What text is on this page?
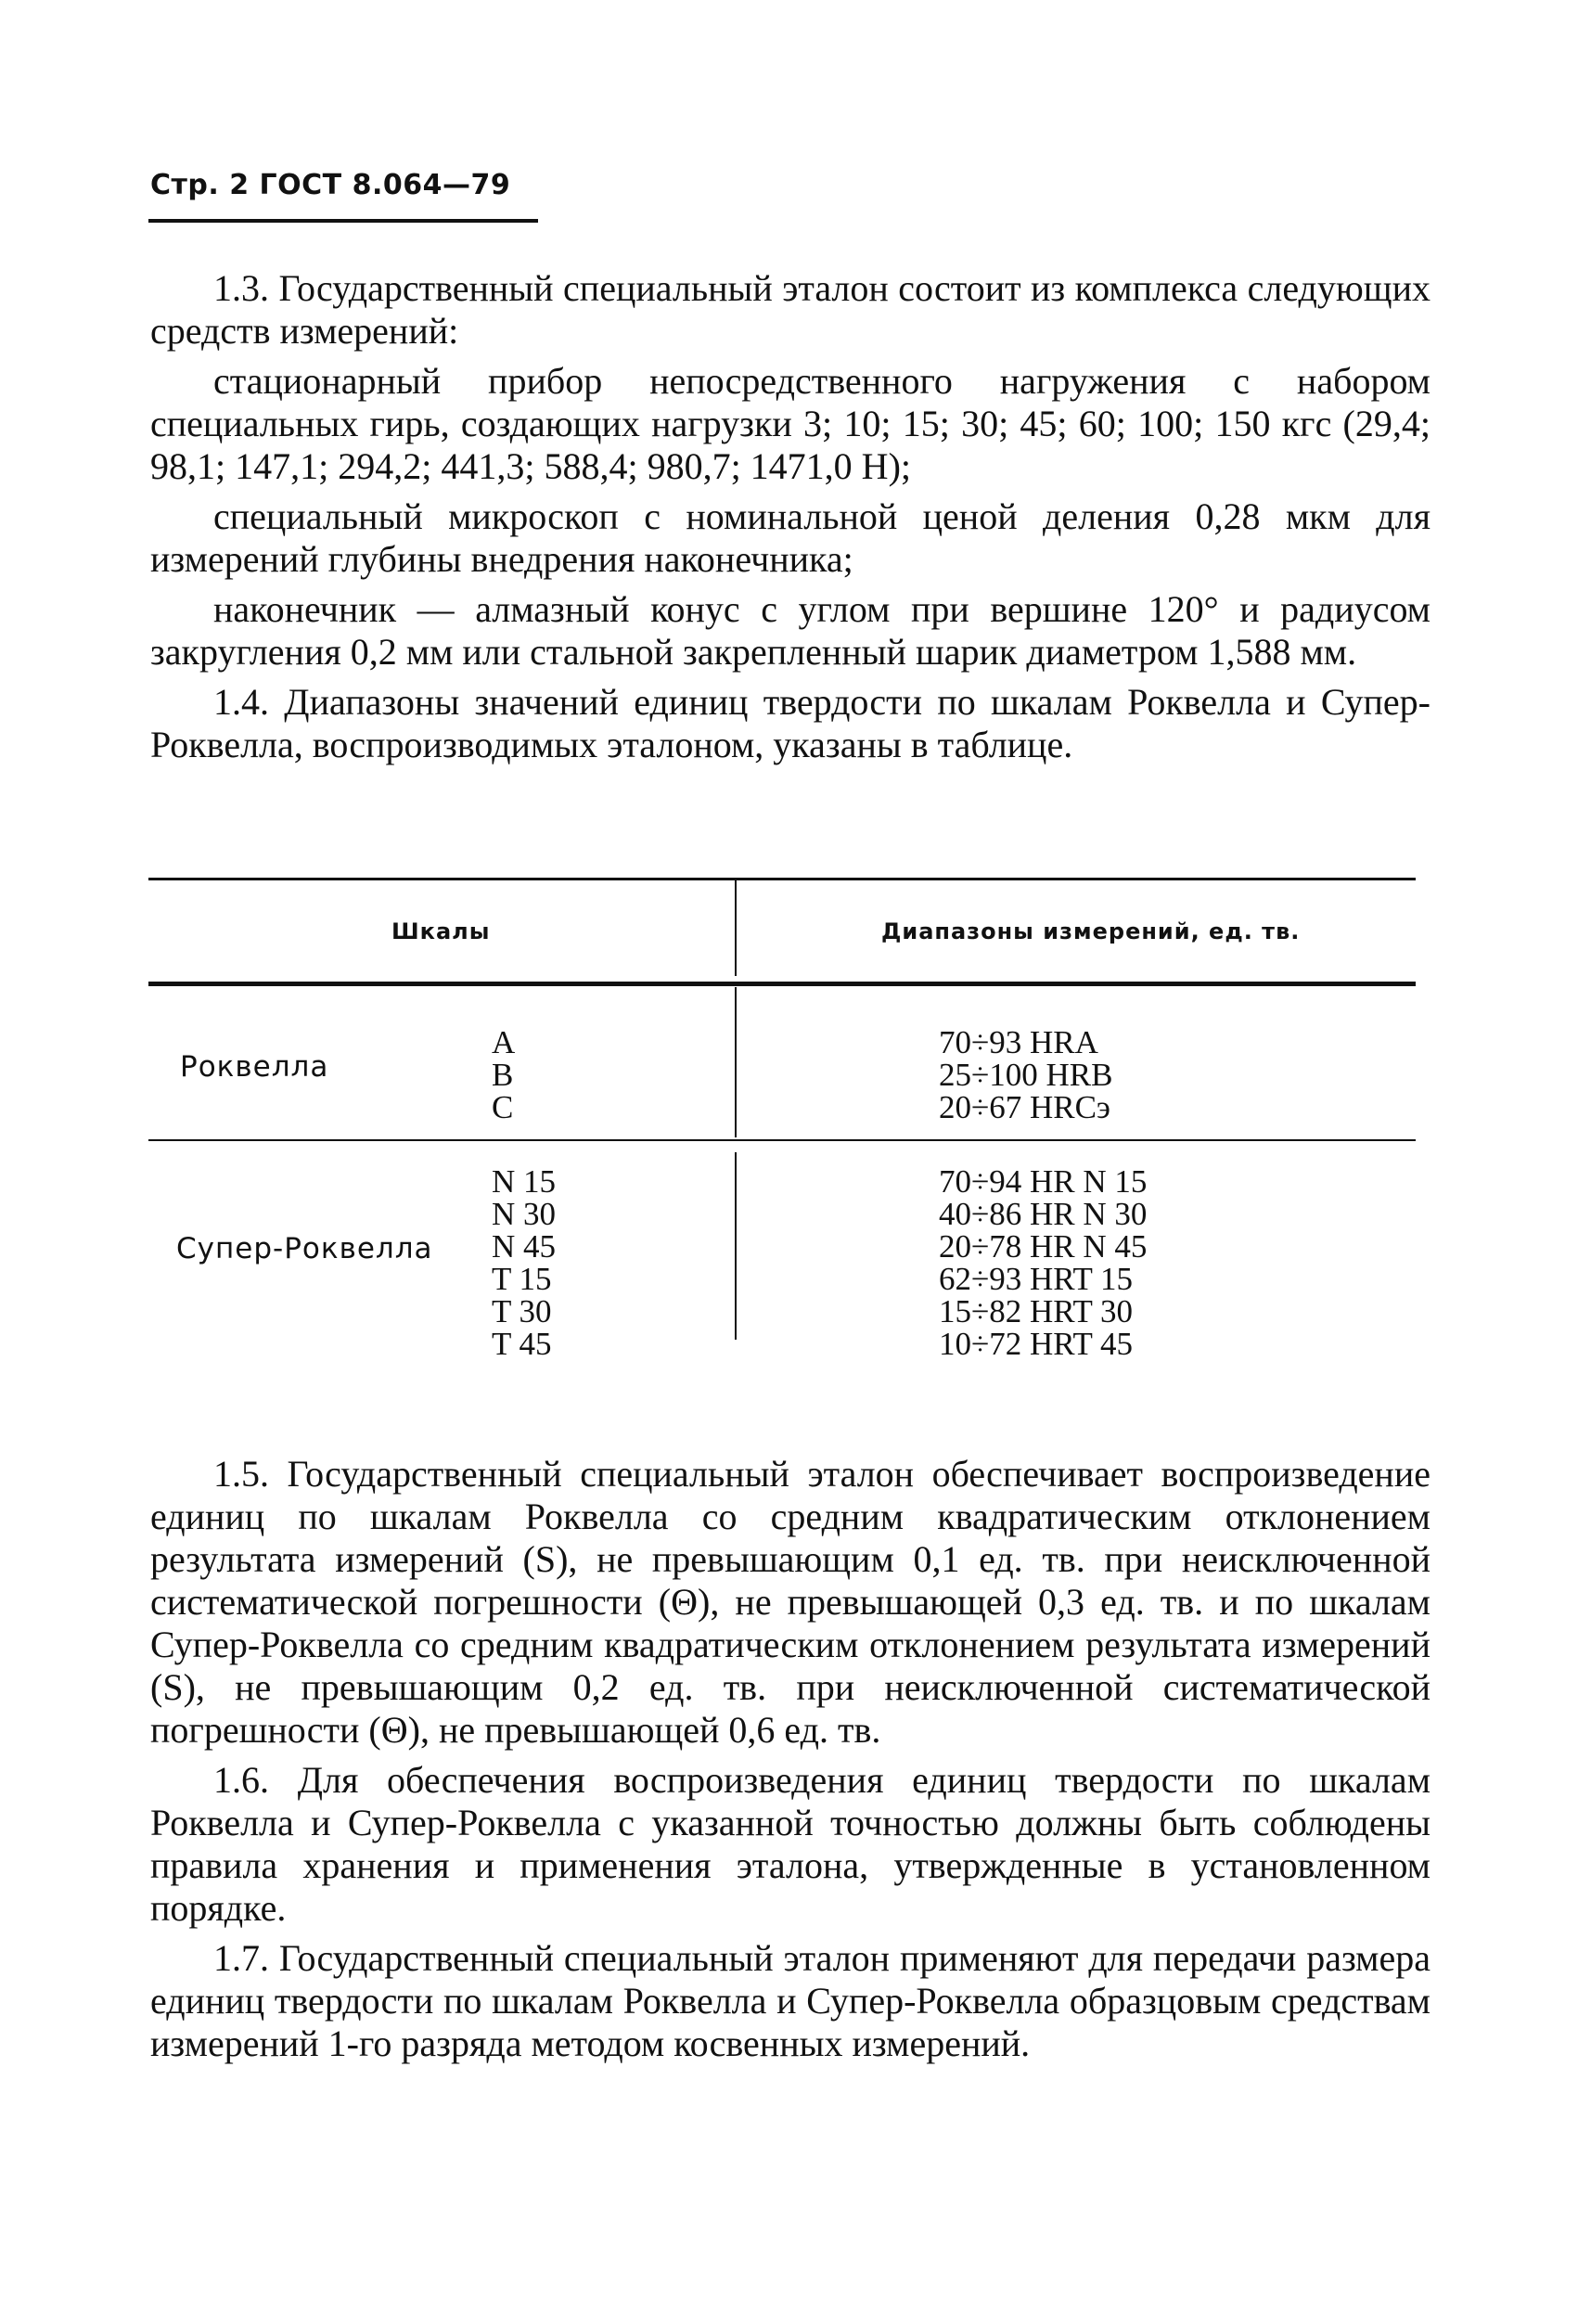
Стр. 2 ГОСТ 8.064—79

1.3. Государственный специальный эталон состоит из комплекса следующих средств измерений:

стационарный прибор непосредственного нагружения с набором специальных гирь, создающих нагрузки 3; 10; 15; 30; 45; 60; 100; 150 кгс (29,4; 98,1; 147,1; 294,2; 441,3; 588,4; 980,7; 1471,0 Н);

специальный микроскоп с номинальной ценой деления 0,28 мкм для измерений глубины внедрения наконечника;

наконечник — алмазный конус с углом при вершине 120° и радиусом закругления 0,2 мм или стальной закрепленный шарик диаметром 1,588 мм.

1.4. Диапазоны значений единиц твердости по шкалам Роквелла и Супер-Роквелла, воспроизводимых эталоном, указаны в таблице.

Шкалы	Диапазоны измерений, ед. тв.
Роквелла
A
B
C
70÷93 HRA
25÷100 HRB
20÷67 HRCэ
Супер-Роквелла
N 15
N 30
N 45
T 15
T 30
T 45
70÷94 HR N 15
40÷86 HR N 30
20÷78 HR N 45
62÷93 HRT 15
15÷82 HRT 30
10÷72 HRT 45

1.5. Государственный специальный эталон обеспечивает воспроизведение единиц по шкалам Роквелла со средним квадратическим отклонением результата измерений (S), не превышающим 0,1 ед. тв. при неисключенной систематической погрешности (Θ), не превышающей 0,3 ед. тв. и по шкалам Супер-Роквелла со средним квадратическим отклонением результата измерений (S), не превышающим 0,2 ед. тв. при неисключенной систематической погрешности (Θ), не превышающей 0,6 ед. тв.

1.6. Для обеспечения воспроизведения единиц твердости по шкалам Роквелла и Супер-Роквелла с указанной точностью должны быть соблюдены правила хранения и применения эталона, утвержденные в установленном порядке.

1.7. Государственный специальный эталон применяют для передачи размера единиц твердости по шкалам Роквелла и Супер-Роквелла образцовым средствам измерений 1-го разряда методом косвенных измерений.
